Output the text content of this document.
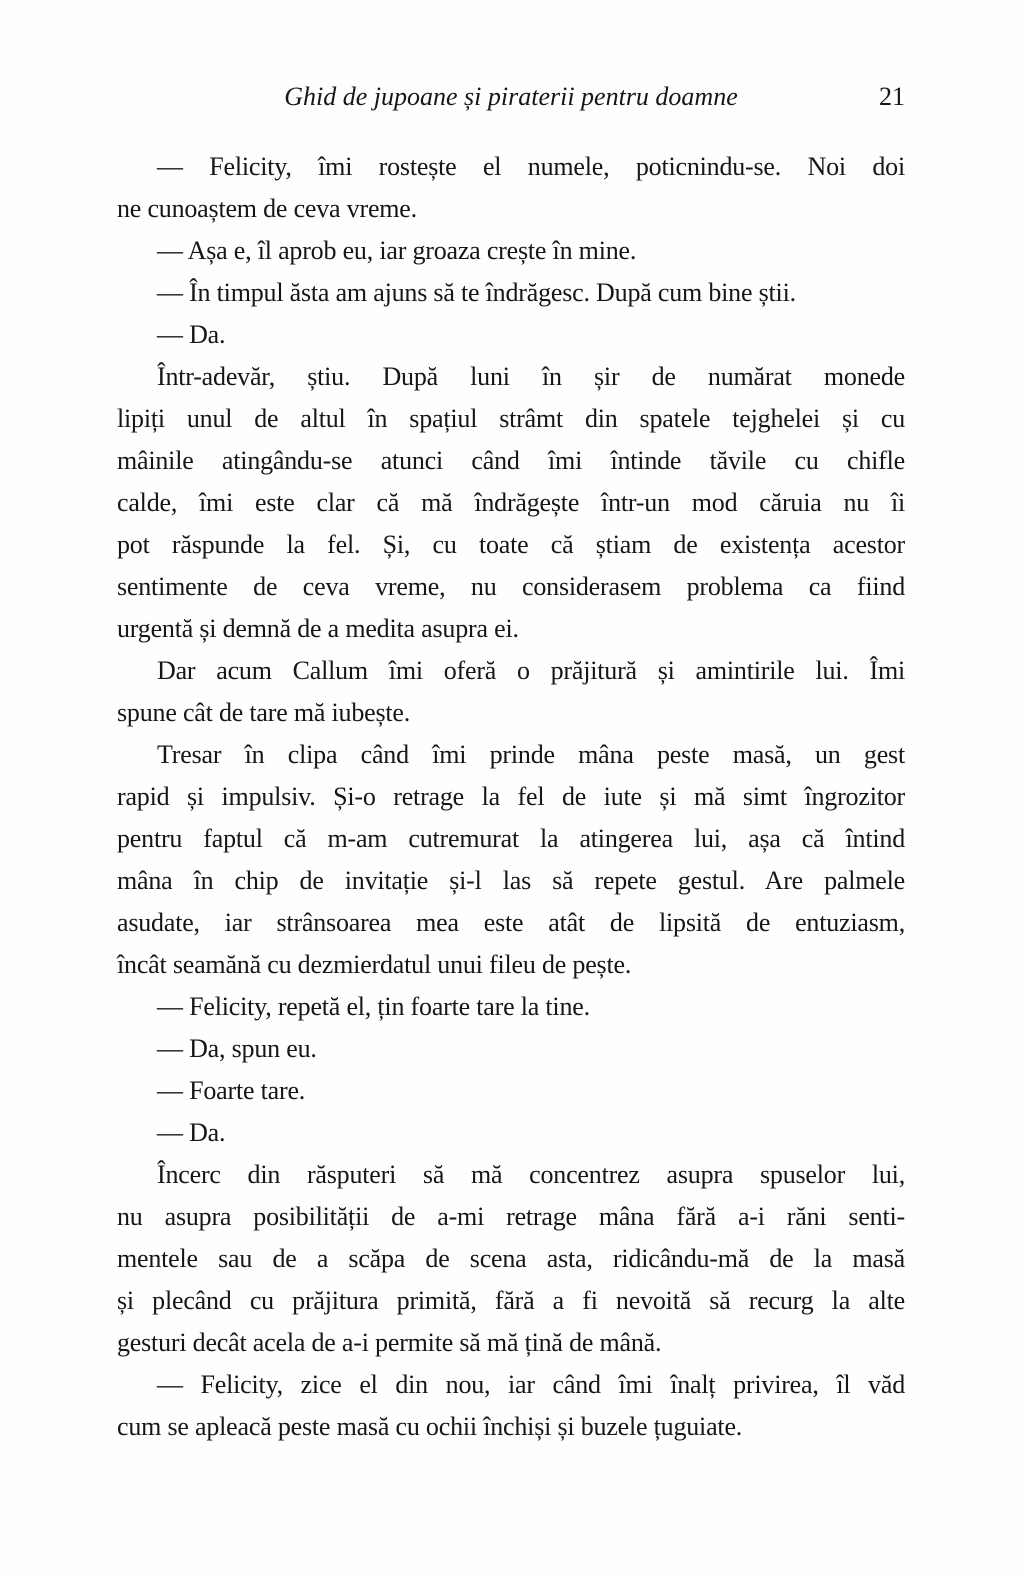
Ghid de jupoane și piraterii pentru doamne	21

— Felicity, îmi rostește el numele, poticnindu-se. Noi doi
ne cunoaștem de ceva vreme.

— Așa e, îl aprob eu, iar groaza crește în mine.

— În timpul ăsta am ajuns să te îndrăgesc. După cum bine știi.

— Da.

Într-adevăr, știu. După luni în șir de numărat monede
lipiți unul de altul în spațiul strâmt din spatele tejghelei și cu
mâinile atingându-se atunci când îmi întinde tăvile cu chifle
calde, îmi este clar că mă îndrăgește într-un mod căruia nu îi
pot răspunde la fel. Și, cu toate că știam de existența acestor
sentimente de ceva vreme, nu considerasem problema ca fiind
urgentă și demnă de a medita asupra ei.

Dar acum Callum îmi oferă o prăjitură și amintirile lui. Îmi
spune cât de tare mă iubește.

Tresar în clipa când îmi prinde mâna peste masă, un gest
rapid și impulsiv. Și-o retrage la fel de iute și mă simt îngrozitor
pentru faptul că m-am cutremurat la atingerea lui, așa că întind
mâna în chip de invitație și-l las să repete gestul. Are palmele
asudate, iar strânsoarea mea este atât de lipsită de entuziasm,
încât seamănă cu dezmierdatul unui fileu de pește.

— Felicity, repetă el, țin foarte tare la tine.

— Da, spun eu.

— Foarte tare.

— Da.

Încerc din răsputeri să mă concentrez asupra spuselor lui,
nu asupra posibilității de a-mi retrage mâna fără a-i răni senti-
mentele sau de a scăpa de scena asta, ridicându-mă de la masă
și plecând cu prăjitura primită, fără a fi nevoită să recurg la alte
gesturi decât acela de a-i permite să mă țină de mână.

— Felicity, zice el din nou, iar când îmi înalț privirea, îl văd
cum se apleacă peste masă cu ochii închiși și buzele țuguiate.
